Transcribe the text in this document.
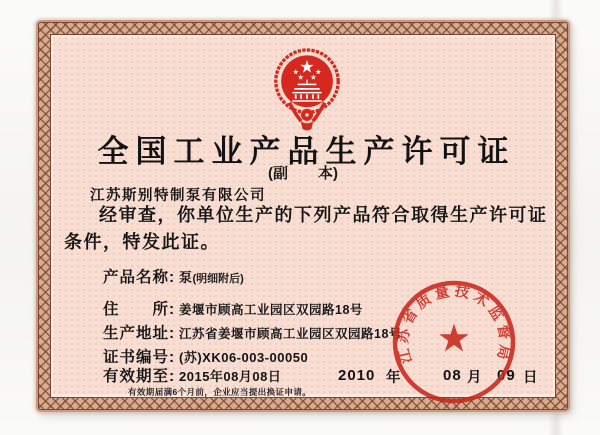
全国工业产品生产许可证
(副　　本)
江苏斯别特制泵有限公司
经审查，你单位生产的下列产品符合取得生产许可证
条件，特发此证。
产品名称: 泵 (明细附后)
住　　所: 姜堰市顾高工业园区双园路18号
生产地址: 江苏省姜堰市顾高工业园区双园路18号
证书编号: (苏)XK06-003-00050
有效期至: 2015年08月08日
有效期届满6个月前，企业应当提出换证申请。
2010 年	08 月 09 日
江苏省质量技术监督局
